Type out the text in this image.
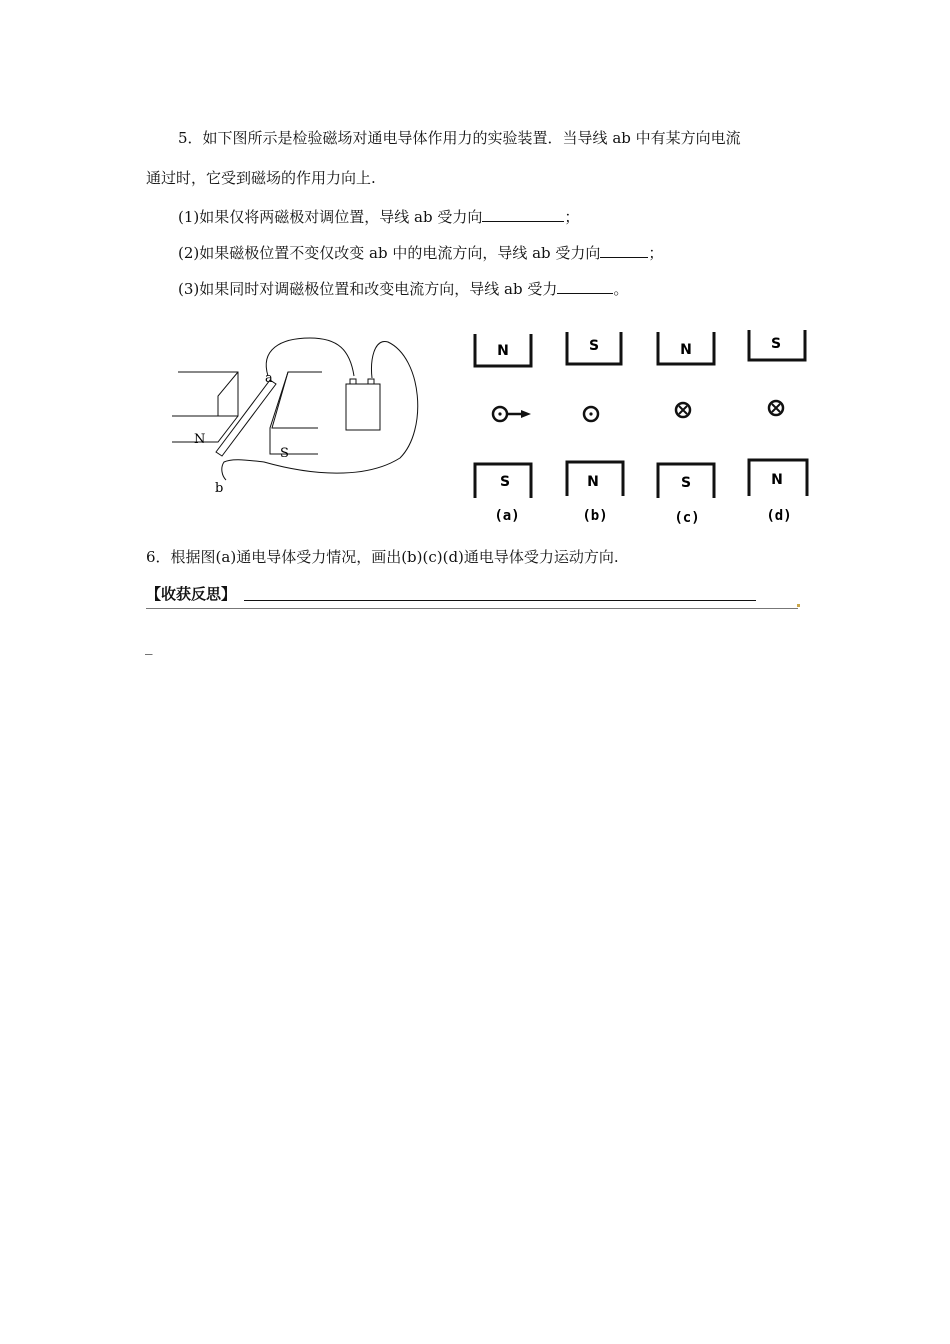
5．如下图所示是检验磁场对通电导体作用力的实验装置．当导线 ab 中有某方向电流
通过时，它受到磁场的作用力向上.
(1)如果仅将两磁极对调位置，导线 ab 受力向	；
(2)如果磁极位置不变仅改变 ab 中的电流方向，导线 ab 受力向	；
(3)如果同时对调磁极位置和改变电流方向，导线 ab 受力	。
a
b
N
S
N
S
(a)
S
N
(b)
N
S
(c)
S
N
(d)
6．根据图(a)通电导体受力情况，画出(b)(c)(d)通电导体受力运动方向.
【收获反思】
_
